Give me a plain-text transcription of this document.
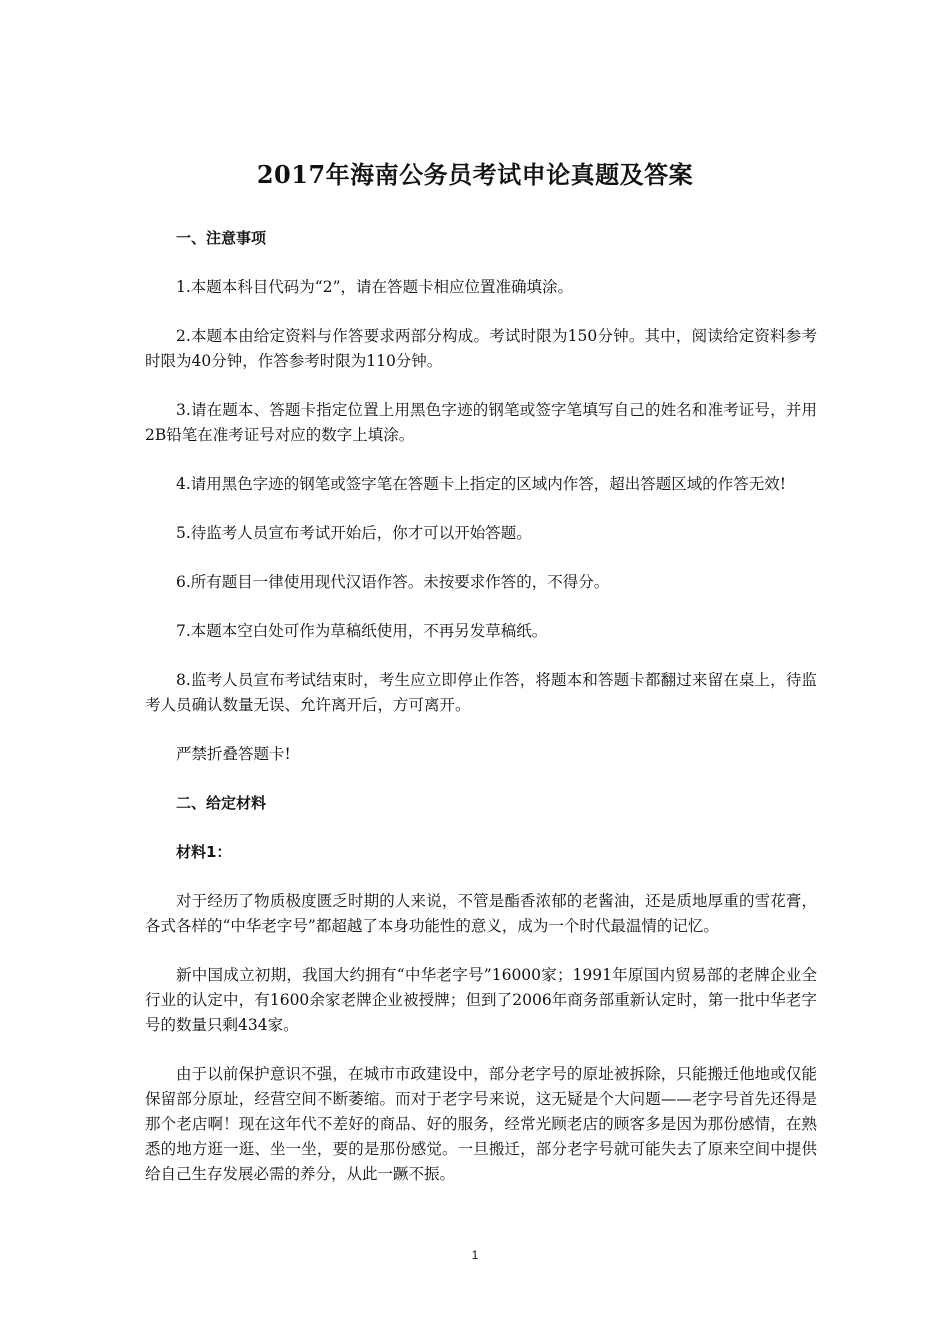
2017年海南公务员考试申论真题及答案

一、注意事项

1.本题本科目代码为“2”，请在答题卡相应位置准确填涂。

2.本题本由给定资料与作答要求两部分构成。考试时限为150分钟。其中，阅读给定资料参考时限为40分钟，作答参考时限为110分钟。

3.请在题本、答题卡指定位置上用黑色字迹的钢笔或签字笔填写自己的姓名和准考证号，并用2B铅笔在准考证号对应的数字上填涂。

4.请用黑色字迹的钢笔或签字笔在答题卡上指定的区域内作答，超出答题区域的作答无效!

5.待监考人员宣布考试开始后，你才可以开始答题。

6.所有题目一律使用现代汉语作答。未按要求作答的，不得分。

7.本题本空白处可作为草稿纸使用，不再另发草稿纸。

8.监考人员宣布考试结束时，考生应立即停止作答，将题本和答题卡都翻过来留在桌上，待监考人员确认数量无误、允许离开后，方可离开。

严禁折叠答题卡!

二、给定材料

材料1：

对于经历了物质极度匮乏时期的人来说，不管是酯香浓郁的老酱油，还是质地厚重的雪花膏，各式各样的“中华老字号”都超越了本身功能性的意义，成为一个时代最温情的记忆。

新中国成立初期，我国大约拥有“中华老字号”16000家；1991年原国内贸易部的老牌企业全行业的认定中，有1600余家老牌企业被授牌；但到了2006年商务部重新认定时，第一批中华老字号的数量只剩434家。

由于以前保护意识不强，在城市市政建设中，部分老字号的原址被拆除，只能搬迁他地或仅能保留部分原址，经营空间不断萎缩。而对于老字号来说，这无疑是个大问题——老字号首先还得是那个老店啊！现在这年代不差好的商品、好的服务，经常光顾老店的顾客多是因为那份感情，在熟悉的地方逛一逛、坐一坐，要的是那份感觉。一旦搬迁，部分老字号就可能失去了原来空间中提供给自己生存发展必需的养分，从此一蹶不振。

1
